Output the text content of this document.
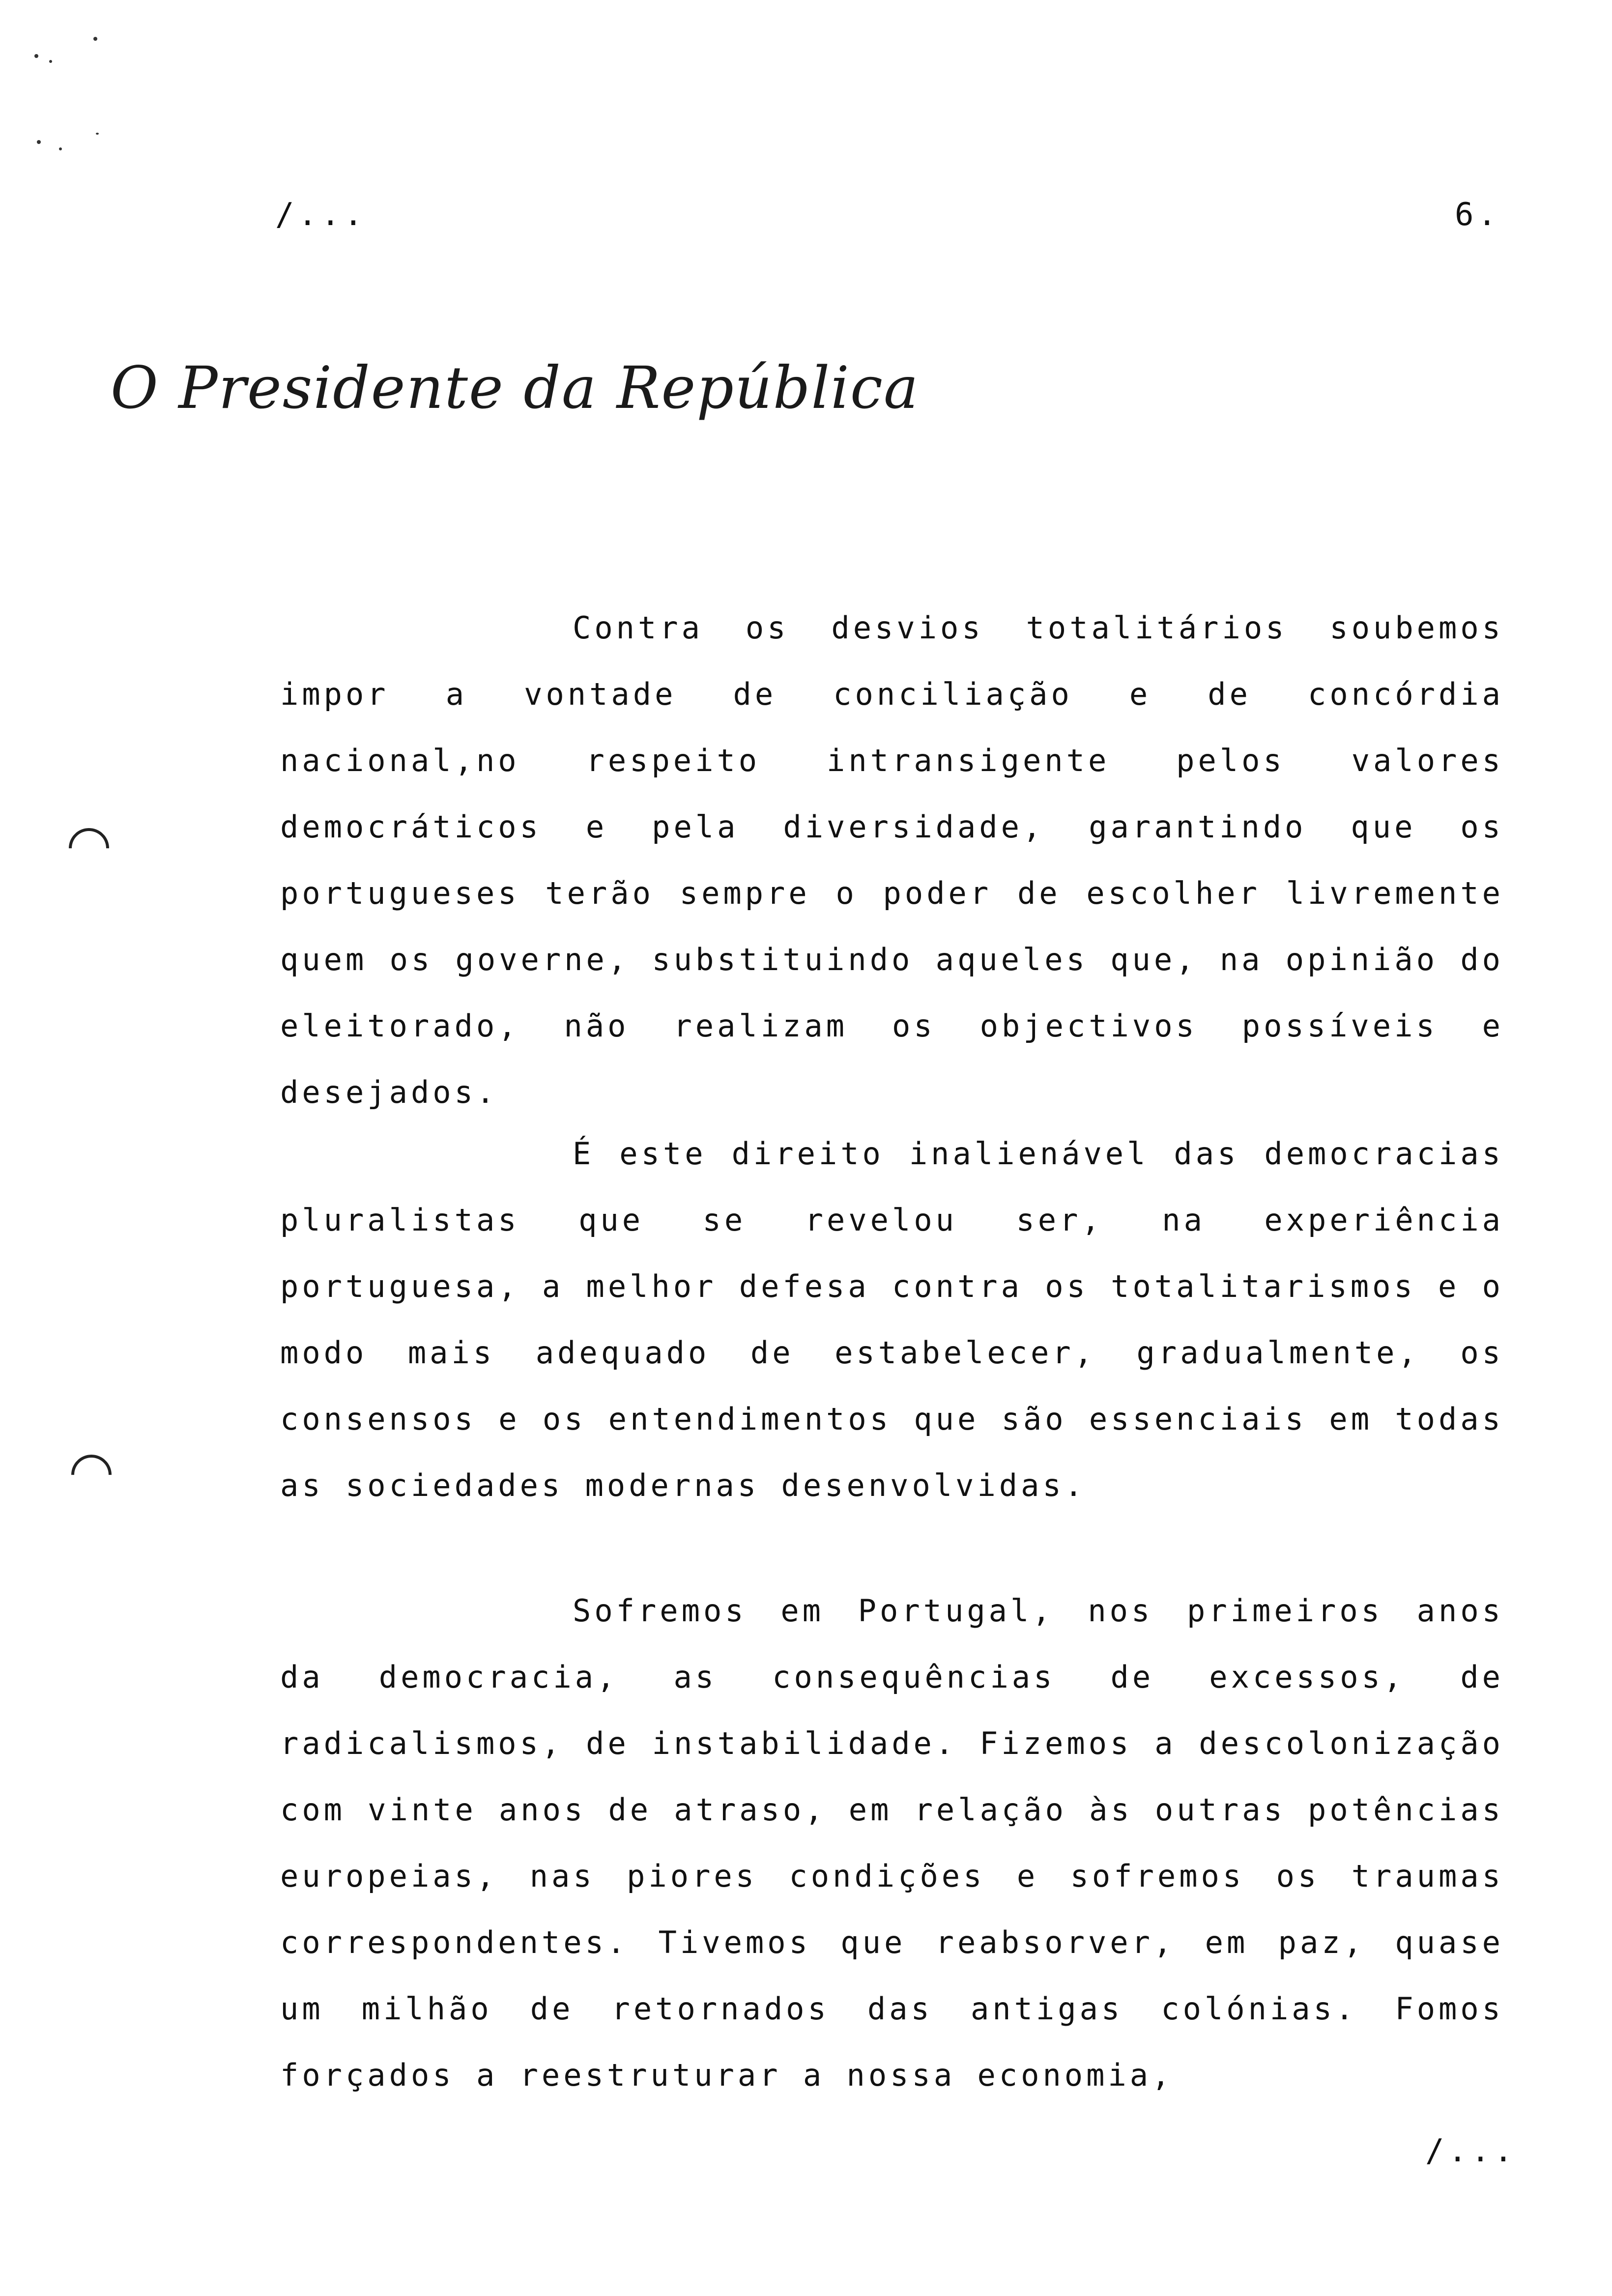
/...	6.
O Presidente da República

Contra os desvios totalitários soubemos impor a vontade de conciliação e de concórdia nacional,no respeito intransigente pelos valores democráticos e pela diversidade, garantindo que os portugueses terão sempre o poder de escolher livremente quem os governe, substituindo aqueles que, na opinião do eleitorado, não realizam os objectivos possíveis e desejados.

É este direito inalienável das democracias pluralistas que se revelou ser, na experiência portuguesa, a melhor defesa contra os totalitarismos e o modo mais adequado de estabelecer, gradualmente, os consensos e os entendimentos que são essenciais em todas as sociedades modernas desenvolvidas.

Sofremos em Portugal, nos primeiros anos da democracia, as consequências de excessos, de radicalismos, de instabilidade. Fizemos a descolonização com vinte anos de atraso, em relação às outras potências europeias, nas piores condições e sofremos os traumas correspondentes. Tivemos que reabsorver, em paz, quase um milhão de retornados das antigas colónias. Fomos forçados a reestruturar a nossa economia,

/...
